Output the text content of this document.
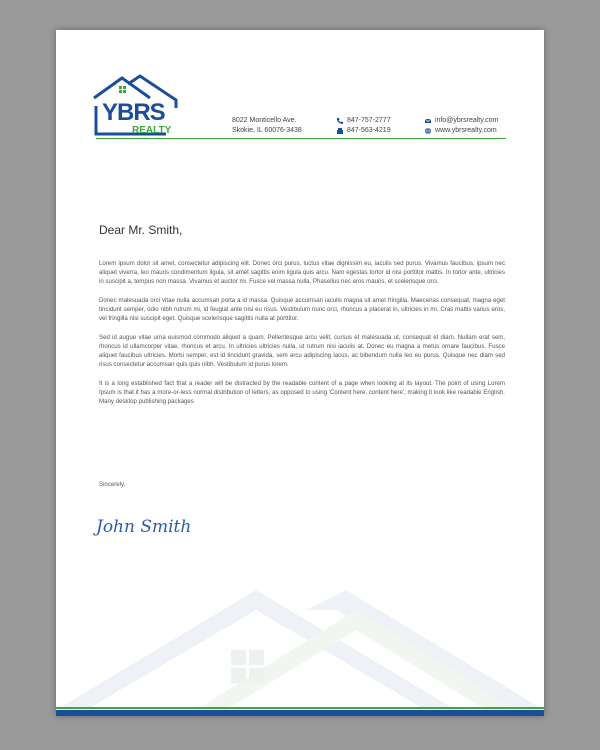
YBRS
REALTY
8022 Monticello Ave.
Skokie, IL 60076-3438
847-757-2777
847-563-4219
info@ybrsrealty.com
www.ybrsrealty.com
Dear Mr. Smith,

Lorem ipsum dolor sit amet, consectetur adipiscing elit. Donec orci purus, luctus vitae dignissim eu, iaculis sed purus. Vivamus faucibus, ipsum nec aliquet viverra, leo mauris condimentum ligula, sit amet sagittis enim ligula quis arcu. Nam egestas tortor id nisi porttitor mattis. In tortor ante, ultricies in suscipit a, tempus non massa. Vivamus et auctor mi. Fusce vel massa nulla. Phasellus nec eros mauris, et scelerisque orci.

Donec malesuada orci vitae nulla accumsan porta a id massa. Quisque accumsan iaculis magna sit amet fringilla. Maecenas consequat, magna eget tincidunt semper, odio nibh rutrum mi, id feugiat ante nisi eu risus. Vestibulum nunc orci, rhoncus a placerat in, ultricies in mi. Cras mattis varius eros, vel fringilla nisi suscipit eget. Quisque scelerisque sagittis nulla at porttitor.

Sed id augue vitae urna euismod commodo aliquet a quam. Pellentesque arcu velit, cursus et malesuada ut, consequat et diam. Nullam erat sem, rhoncus id ullamcorper vitae, rhoncus et arcu. In ultricies ultricies nulla, ut rutrum nisi iaculis at. Donec eu magna a metus ornare faucibus. Fusce aliquet faucibus ultricies. Morbi semper, est id tincidunt gravida, sem arcu adipiscing lacus, ac bibendum nulla leo eu purus. Quisque nec diam sed risus consectetur accumsan quis quis nibh. Vestibulum id purus lorem.

It is a long established fact that a reader will be distracted by the readable content of a page when looking at its layout. The point of using Lorem Ipsum is that it has a more-or-less normal distribution of letters, as opposed to using 'Content here, content here', making it look like readable English. Many desktop publishing packages

Sincerely,
John Smith
